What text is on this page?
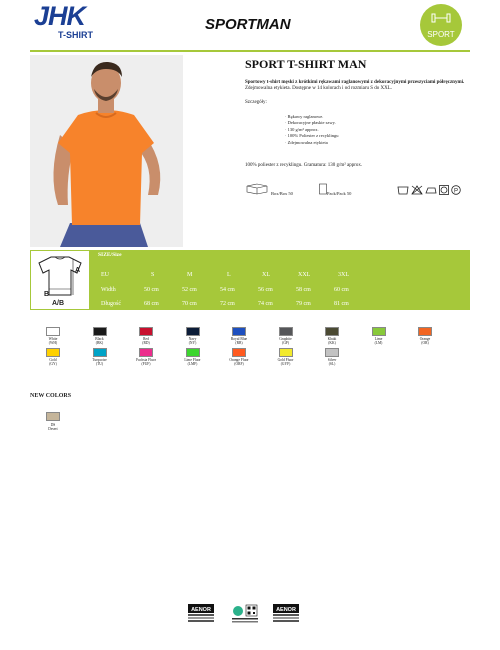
JHK
T-SHIRT
SPORTMAN
SPORT
SPORT T-SHIRT MAN
Sportowy t-shirt męski z krótkimi rękawami raglanowymi z dekoracyjnymi przeszyciami półręcznymi.
Zdejmowalna etykieta. Dostępne w 14 kolorach i od rozmiaru S do XXL.
Szczegóły:
· Rękawy raglanowe.
· Dekoracyjne płaskie szwy.
· 130 g/m² approx.
· 100% Poliester z recyklingu
· Zdejmowalna etykieta
100% poliester z recyklingu. Gramatura: 130 g/m² approx.
Box/Box 50	Pack/Pack 50	P
A
B
A/B
SIZE/Size
EU	S	M	L	XL	XXL	3XL
Width	50 cm	52 cm	54 cm	56 cm	58 cm	60 cm
Długość	68 cm	70 cm	72 cm	74 cm	79 cm	81 cm
White
(WH)
Black
(BK)
Red
(RD)
Navy
(NY)
Royal Blue
(RB)
Graphite
(GP)
Khaki
(KK)
Lime
(LM)
Orange
(OR)
Gold
(GY)
Turquoise
(TU)
Fuchsia Fluor
(FUF)
Lime Fluor
(LMF)
Orange Fluor
(ORF)
Gold Fluor
(GYF)
Silver
(SL)
NEW COLORS
DS
Desert
AENOR	AENOR
